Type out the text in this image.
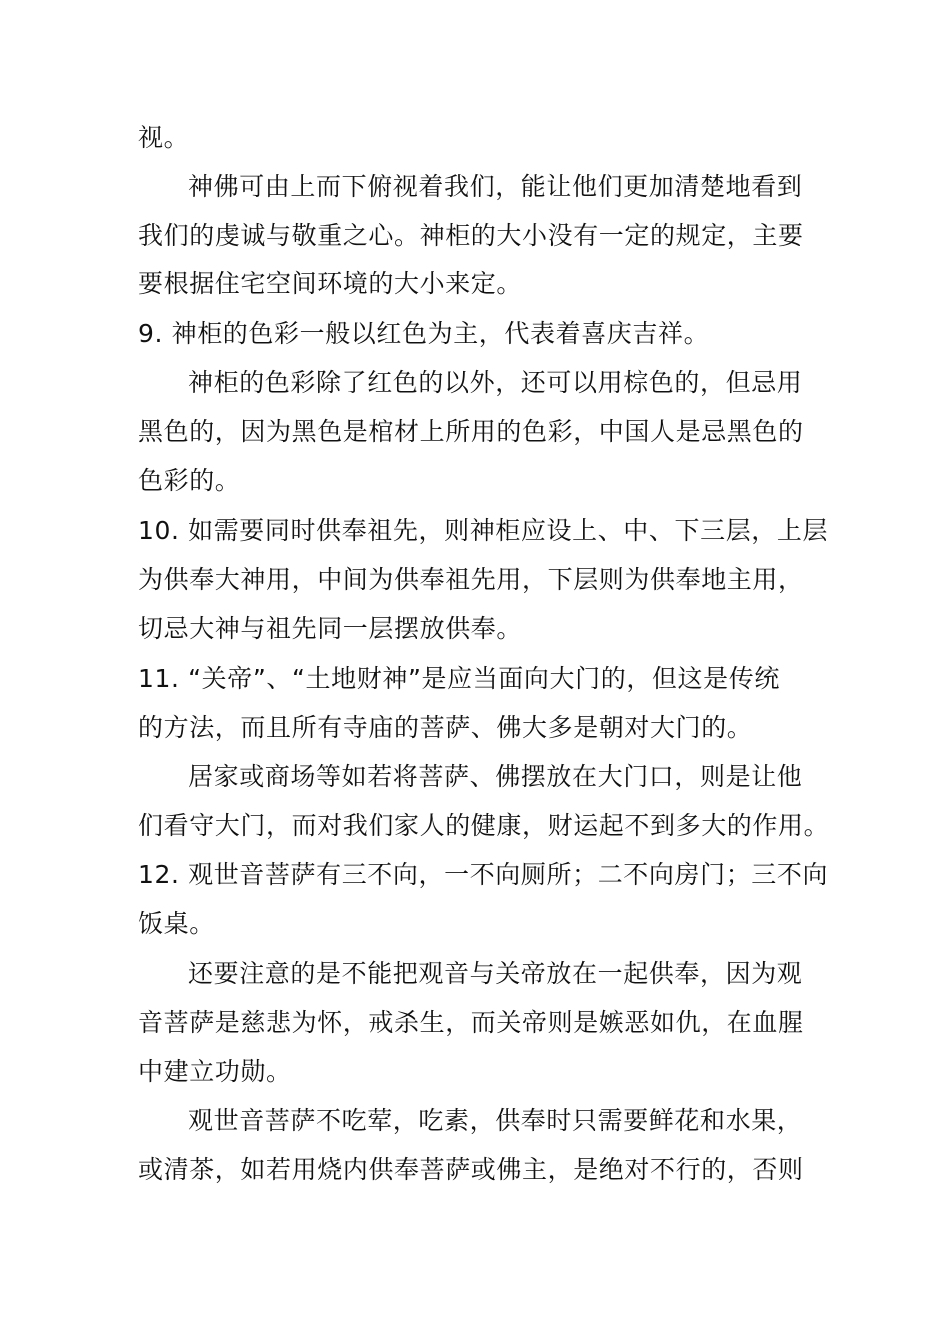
视。
神佛可由上而下俯视着我们，能让他们更加清楚地看到
我们的虔诚与敬重之心。神柜的大小没有一定的规定，主要
要根据住宅空间环境的大小来定。
9. 神柜的色彩一般以红色为主，代表着喜庆吉祥。
神柜的色彩除了红色的以外，还可以用棕色的，但忌用
黑色的，因为黑色是棺材上所用的色彩，中国人是忌黑色的
色彩的。
10. 如需要同时供奉祖先，则神柜应设上、中、下三层，上层
为供奉大神用，中间为供奉祖先用，下层则为供奉地主用，
切忌大神与祖先同一层摆放供奉。
11. “关帝”、“土地财神”是应当面向大门的，但这是传统
的方法，而且所有寺庙的菩萨、佛大多是朝对大门的。
居家或商场等如若将菩萨、佛摆放在大门口，则是让他
们看守大门，而对我们家人的健康，财运起不到多大的作用。
12. 观世音菩萨有三不向，一不向厕所；二不向房门；三不向
饭桌。
还要注意的是不能把观音与关帝放在一起供奉，因为观
音菩萨是慈悲为怀，戒杀生，而关帝则是嫉恶如仇，在血腥
中建立功勋。
观世音菩萨不吃荤，吃素，供奉时只需要鲜花和水果，
或清茶，如若用烧内供奉菩萨或佛主，是绝对不行的，否则
